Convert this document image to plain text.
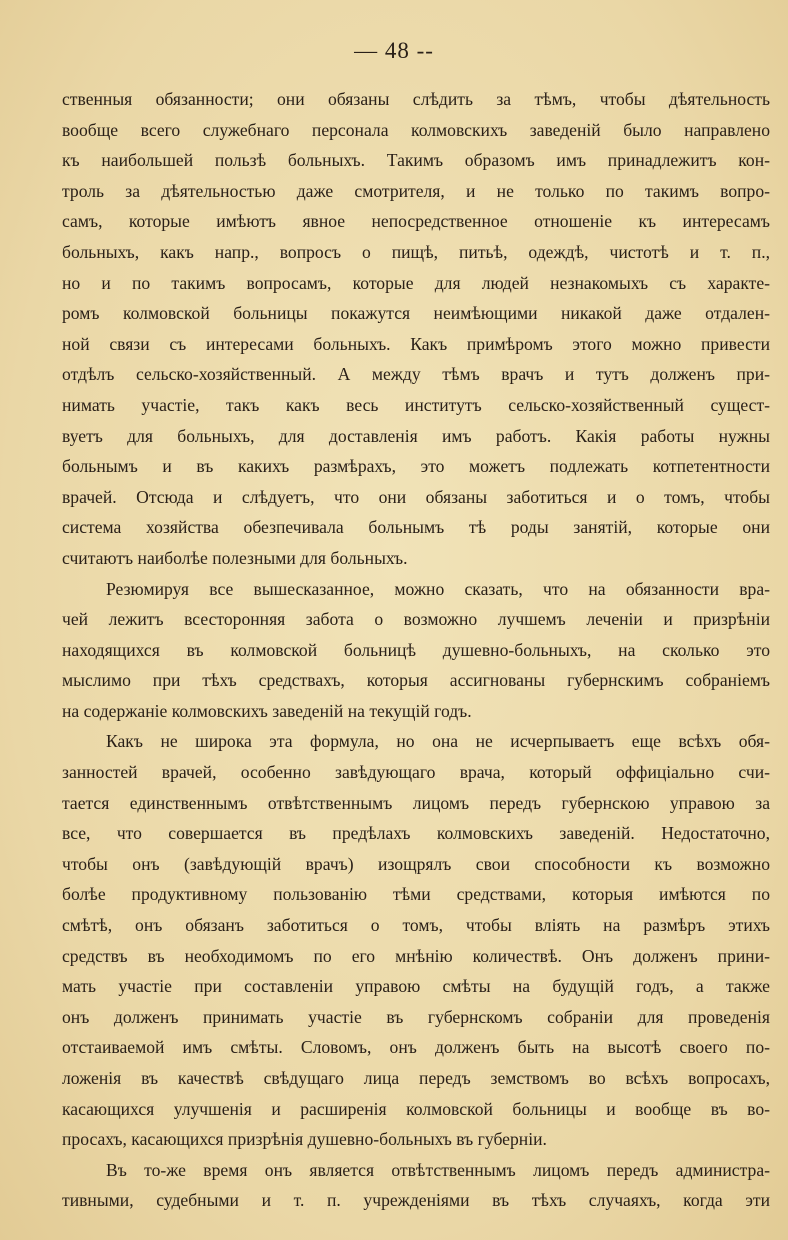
— 48 --

ственныя обязанности; они обязаны слѣдить за тѣмъ, чтобы дѣятельность
вообще всего служебнаго персонала колмовскихъ заведенiй было направлено
къ наибольшей пользѣ больныхъ. Такимъ образомъ имъ принадлежитъ кон-
троль за дѣятельностью даже смотрителя, и не только по такимъ вопро-
самъ, которые имѣютъ явное непосредственное отношенiе къ интересамъ
больныхъ, какъ напр., вопросъ о пищѣ, питьѣ, одеждѣ, чистотѣ и т. п.,
но и по такимъ вопросамъ, которые для людей незнакомыхъ съ характе-
ромъ колмовской больницы покажутся неимѣющими никакой даже отдален-
ной связи съ интересами больныхъ. Какъ примѣромъ этого можно привести
отдѣлъ сельско-хозяйственный. А между тѣмъ врачъ и тутъ долженъ при-
нимать участiе, такъ какъ весь институтъ сельско-хозяйственный сущест-
вуетъ для больныхъ, для доставленiя имъ работъ. Какiя работы нужны
больнымъ и въ какихъ размѣрахъ, это можетъ подлежать котпетентности
врачей. Отсюда и слѣдуетъ, что они обязаны заботиться и о томъ, чтобы
система хозяйства обезпечивала больнымъ тѣ роды занятiй, которые они
считаютъ наиболѣе полезными для больныхъ.

Резюмируя все вышесказанное, можно сказать, что на обязанности вра-
чей лежитъ всесторонняя забота о возможно лучшемъ леченiи и призрѣнiи
находящихся въ колмовской больницѣ душевно-больныхъ, на сколько это
мыслимо при тѣхъ средствахъ, которыя ассигнованы губернскимъ собранiемъ
на содержанiе колмовскихъ заведенiй на текущiй годъ.

Какъ не широка эта формула, но она не исчерпываетъ еще всѣхъ обя-
занностей врачей, особенно завѣдующаго врача, который оффицiально счи-
тается единственнымъ отвѣтственнымъ лицомъ передъ губернскою управою за
все, что совершается въ предѣлахъ колмовскихъ заведенiй. Недостаточно,
чтобы онъ (завѣдующiй врачъ) изощрялъ свои способности къ возможно
болѣе продуктивному пользованiю тѣми средствами, которыя имѣются по
смѣтѣ, онъ обязанъ заботиться о томъ, чтобы влiять на размѣръ этихъ
средствъ въ необходимомъ по его мнѣнiю количествѣ. Онъ долженъ прини-
мать участiе при составленiи управою смѣты на будущiй годъ, а также
онъ долженъ принимать участiе въ губернскомъ собранiи для проведенiя
отстаиваемой имъ смѣты. Словомъ, онъ долженъ быть на высотѣ своего по-
ложенiя въ качествѣ свѣдущаго лица передъ земствомъ во всѣхъ вопросахъ,
касающихся улучшенiя и расширенiя колмовской больницы и вообще въ во-
просахъ, касающихся призрѣнiя душевно-больныхъ въ губернiи.

Въ то-же время онъ является отвѣтственнымъ лицомъ передъ администра-
тивными, судебными и т. п. учрежденiями въ тѣхъ случаяхъ, когда эти
